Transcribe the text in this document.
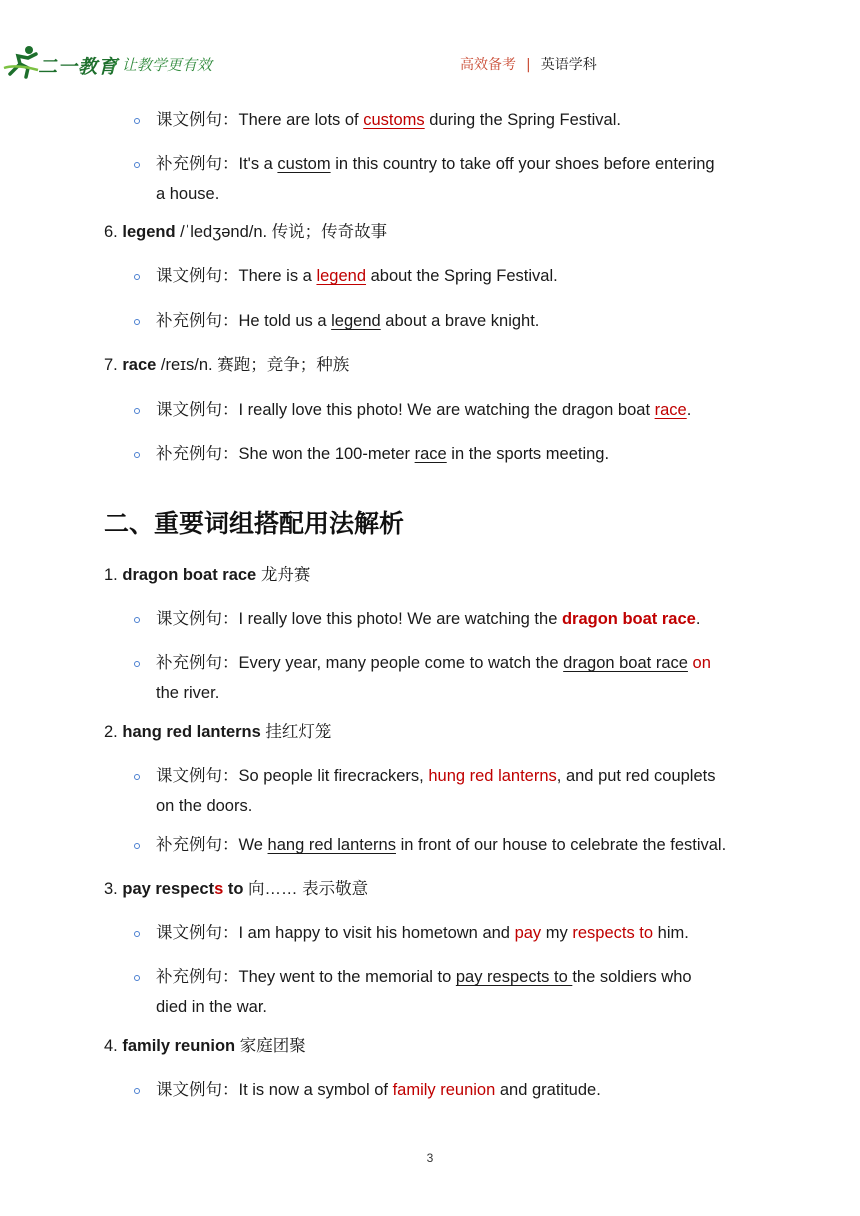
二一教育
/ 让教学更有效	高效备考 | 英语学科
课文例句：There are lots of customs during the Spring Festival.
补充例句：It's a custom in this country to take off your shoes before entering
a house.
6. legend /ˈledʒənd/n. 传说；传奇故事
课文例句：There is a legend about the Spring Festival.
补充例句：He told us a legend about a brave knight.
7. race /reɪs/n. 赛跑；竞争；种族
课文例句：I really love this photo! We are watching the dragon boat race.
补充例句：She won the 100-meter race in the sports meeting.
二、重要词组搭配用法解析
1. dragon boat race 龙舟赛
课文例句：I really love this photo! We are watching the dragon boat race.
补充例句：Every year, many people come to watch the dragon boat race on
the river.
2. hang red lanterns 挂红灯笼
课文例句：So people lit firecrackers, hung red lanterns, and put red couplets
on the doors.
补充例句：We hang red lanterns in front of our house to celebrate the festival.
3. pay respects to 向…… 表示敬意
课文例句：I am happy to visit his hometown and pay my respects to him.
补充例句：They went to the memorial to pay respects to the soldiers who
died in the war.
4. family reunion 家庭团聚
课文例句：It is now a symbol of family reunion and gratitude.
3
